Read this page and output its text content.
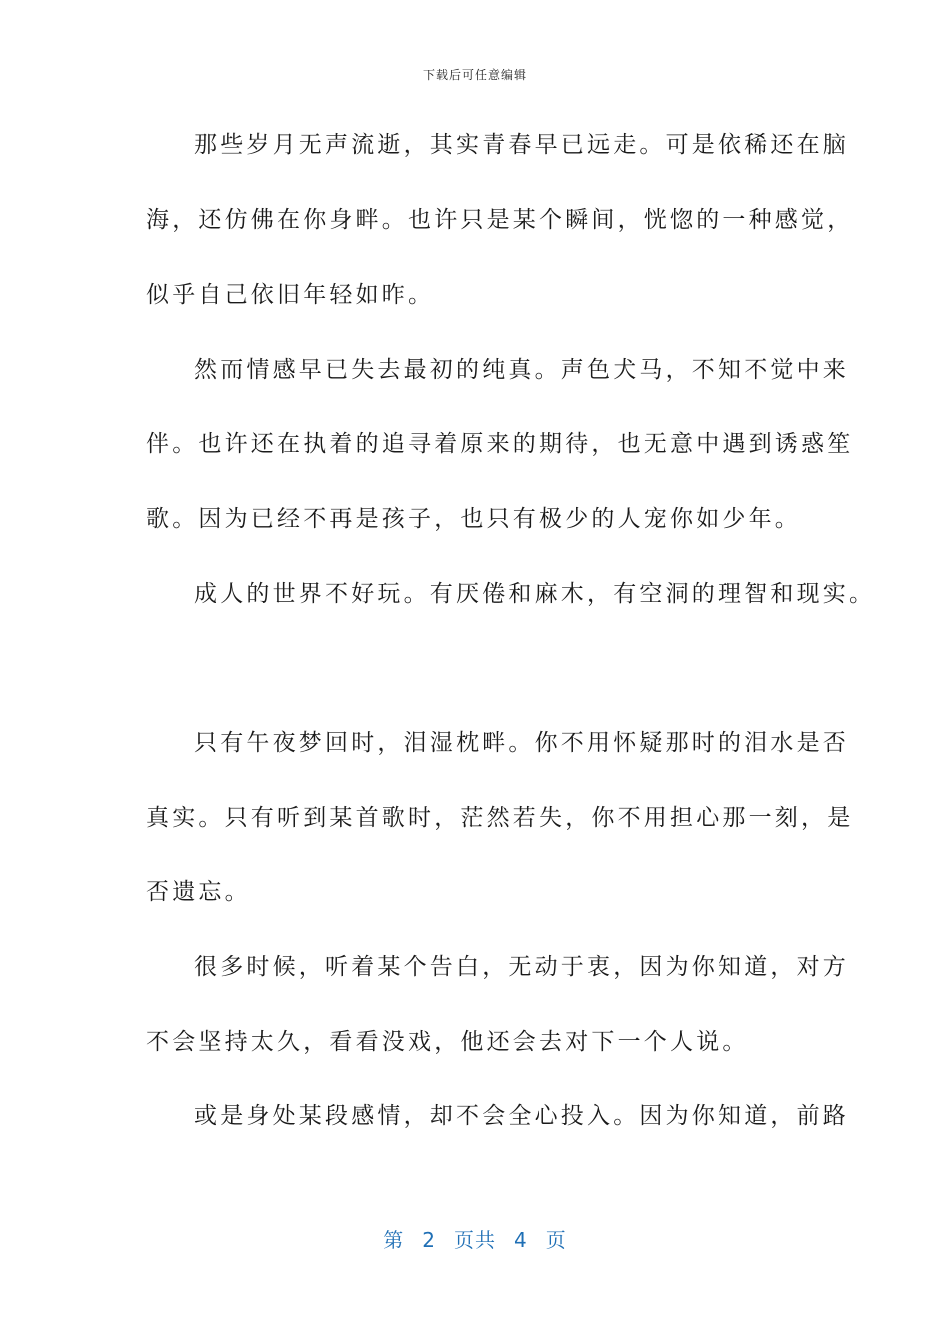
下载后可任意编辑
那些岁月无声流逝，其实青春早已远走。可是依稀还在脑
海，还仿佛在你身畔。也许只是某个瞬间，恍惚的一种感觉，
似乎自己依旧年轻如昨。
然而情感早已失去最初的纯真。声色犬马，不知不觉中来
伴。也许还在执着的追寻着原来的期待，也无意中遇到诱惑笙
歌。因为已经不再是孩子，也只有极少的人宠你如少年。
成人的世界不好玩。有厌倦和麻木，有空洞的理智和现实。
只有午夜梦回时，泪湿枕畔。你不用怀疑那时的泪水是否
真实。只有听到某首歌时，茫然若失，你不用担心那一刻，是
否遗忘。
很多时候，听着某个告白，无动于衷，因为你知道，对方
不会坚持太久，看看没戏，他还会去对下一个人说。
或是身处某段感情，却不会全心投入。因为你知道，前路
第 2 页共 4 页
